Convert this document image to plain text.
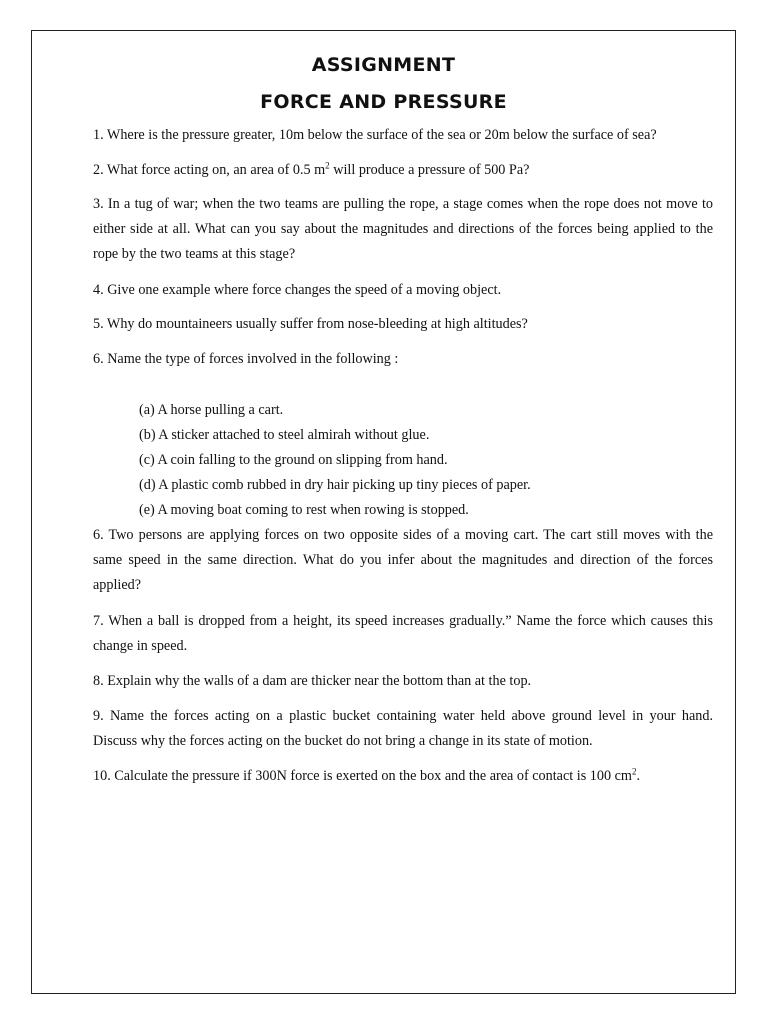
ASSIGNMENT
FORCE AND PRESSURE

1. Where is the pressure greater, 10m below the surface of the sea or 20m below the surface of sea?

2. What force acting on, an area of 0.5 $m^2$ will produce a pressure of 500 Pa?

3. In a tug of war; when the two teams are pulling the rope, a stage comes when the rope does not move to either side at all. What can you say about the magnitudes and directions of the forces being applied to the rope by the two teams at this stage?

4. Give one example where force changes the speed of a moving object.

5. Why do mountaineers usually suffer from nose-bleeding at high altitudes?

6. Name the type of forces involved in the following :

(a) A horse pulling a cart.

(b) A sticker attached to steel almirah without glue.

(c) A coin falling to the ground on slipping from hand.

(d) A plastic comb rubbed in dry hair picking up tiny pieces of paper.

(e) A moving boat coming to rest when rowing is stopped.

6. Two persons are applying forces on two opposite sides of a moving cart. The cart still moves with the same speed in the same direction. What do you infer about the magnitudes and direction of the forces applied?

7. When a ball is dropped from a height, its speed increases gradually.” Name the force which causes this change in speed.

8. Explain why the walls of a dam are thicker near the bottom than at the top.

9. Name the forces acting on a plastic bucket containing water held above ground level in your hand. Discuss why the forces acting on the bucket do not bring a change in its state of motion.

10. Calculate the pressure if 300N force is exerted on the box and the area of contact is 100 $cm^2$.
